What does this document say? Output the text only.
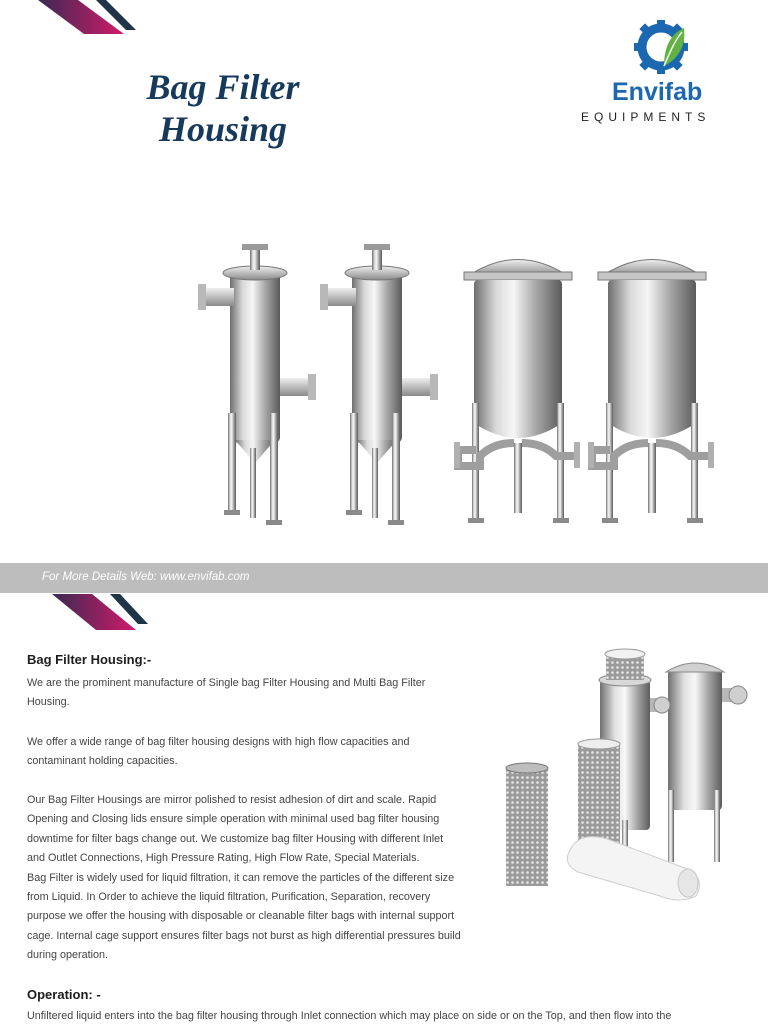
Bag Filter
Housing
Envifab
EQUIPMENTS
For More Details Web: www.envifab.com
Bag Filter Housing:-
We are the prominent manufacture of Single bag Filter Housing and Multi Bag Filter
Housing.
We offer a wide range of bag filter housing designs with high flow capacities and
contaminant holding capacities.
Our Bag Filter Housings are mirror polished to resist adhesion of dirt and scale. Rapid
Opening and Closing lids ensure simple operation with minimal used bag filter housing
downtime for filter bags change out. We customize bag filter Housing with different Inlet
and Outlet Connections, High Pressure Rating, High Flow Rate, Special Materials.
Bag Filter is widely used for liquid filtration, it can remove the particles of the different size
from Liquid. In Order to achieve the liquid filtration, Purification, Separation, recovery
purpose we offer the housing with disposable or cleanable filter bags with internal support
cage. Internal cage support ensures filter bags not burst as high differential pressures build
during operation.
Operation: -
Unfiltered liquid enters into the bag filter housing through Inlet connection which may place on side or on the Top, and then flow into the
